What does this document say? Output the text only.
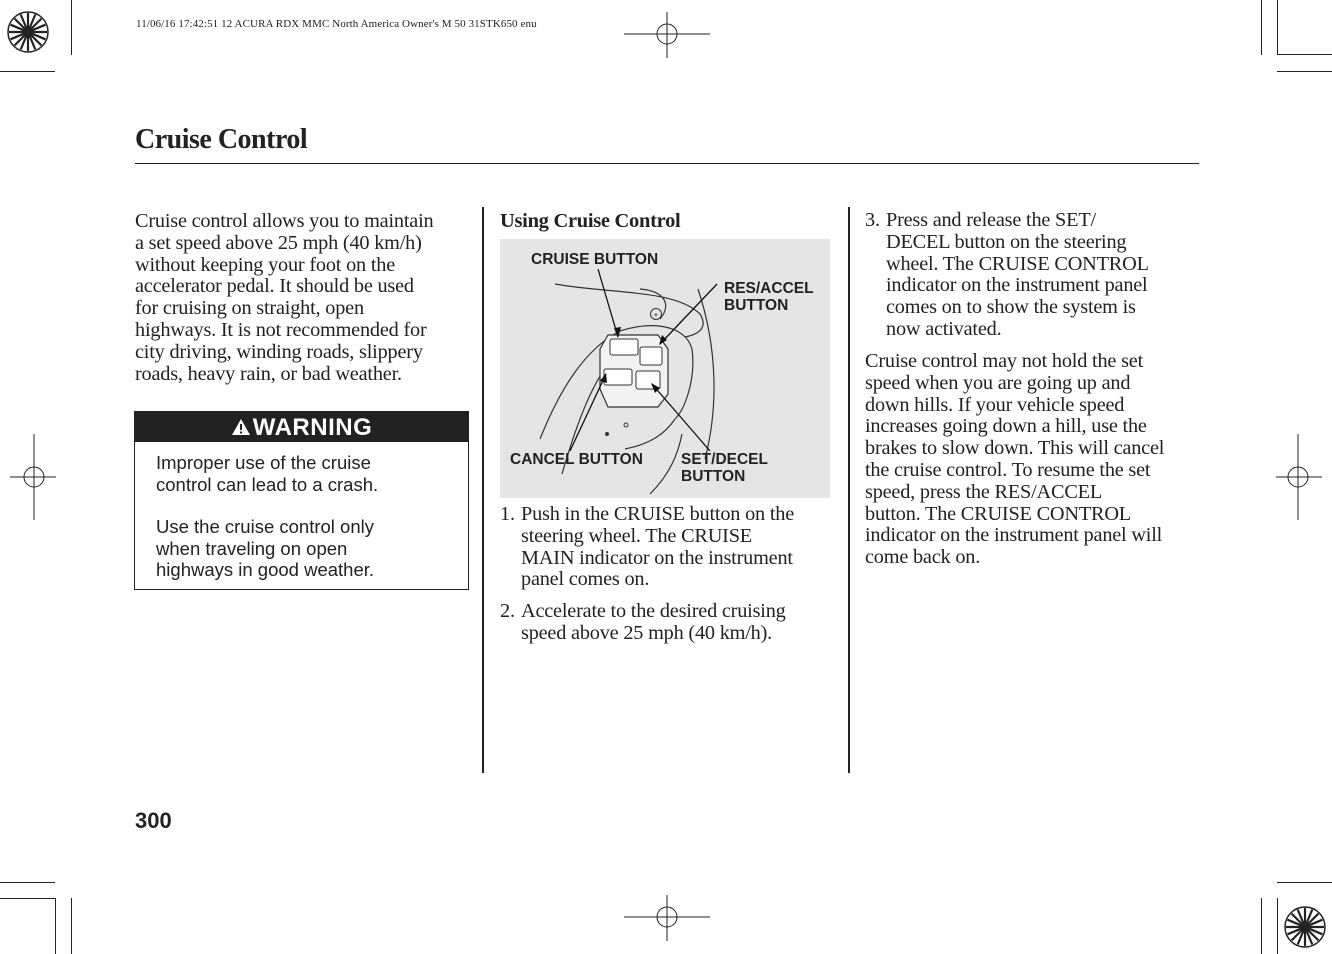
11/06/16 17:42:51 12 ACURA RDX MMC North America Owner's M 50 31STK650 enu
Cruise Control
Cruise control allows you to maintain
a set speed above 25 mph (40 km/h)
without keeping your foot on the
accelerator pedal. It should be used
for cruising on straight, open
highways. It is not recommended for
city driving, winding roads, slippery
roads, heavy rain, or bad weather.
WARNING
Improper use of the cruise
control can lead to a crash.
Use the cruise control only
when traveling on open
highways in good weather.
Using Cruise Control
+
CRUISE BUTTON
RES/ACCEL
BUTTON
CANCEL BUTTON SET/DECEL
BUTTON
1. Push in the CRUISE button on the
steering wheel. The CRUISE
MAIN indicator on the instrument
panel comes on.
2. Accelerate to the desired cruising
speed above 25 mph (40 km/h).
3. Press and release the SET/
DECEL button on the steering
wheel. The CRUISE CONTROL
indicator on the instrument panel
comes on to show the system is
now activated.
Cruise control may not hold the set
speed when you are going up and
down hills. If your vehicle speed
increases going down a hill, use the
brakes to slow down. This will cancel
the cruise control. To resume the set
speed, press the RES/ACCEL
button. The CRUISE CONTROL
indicator on the instrument panel will
come back on.
300
